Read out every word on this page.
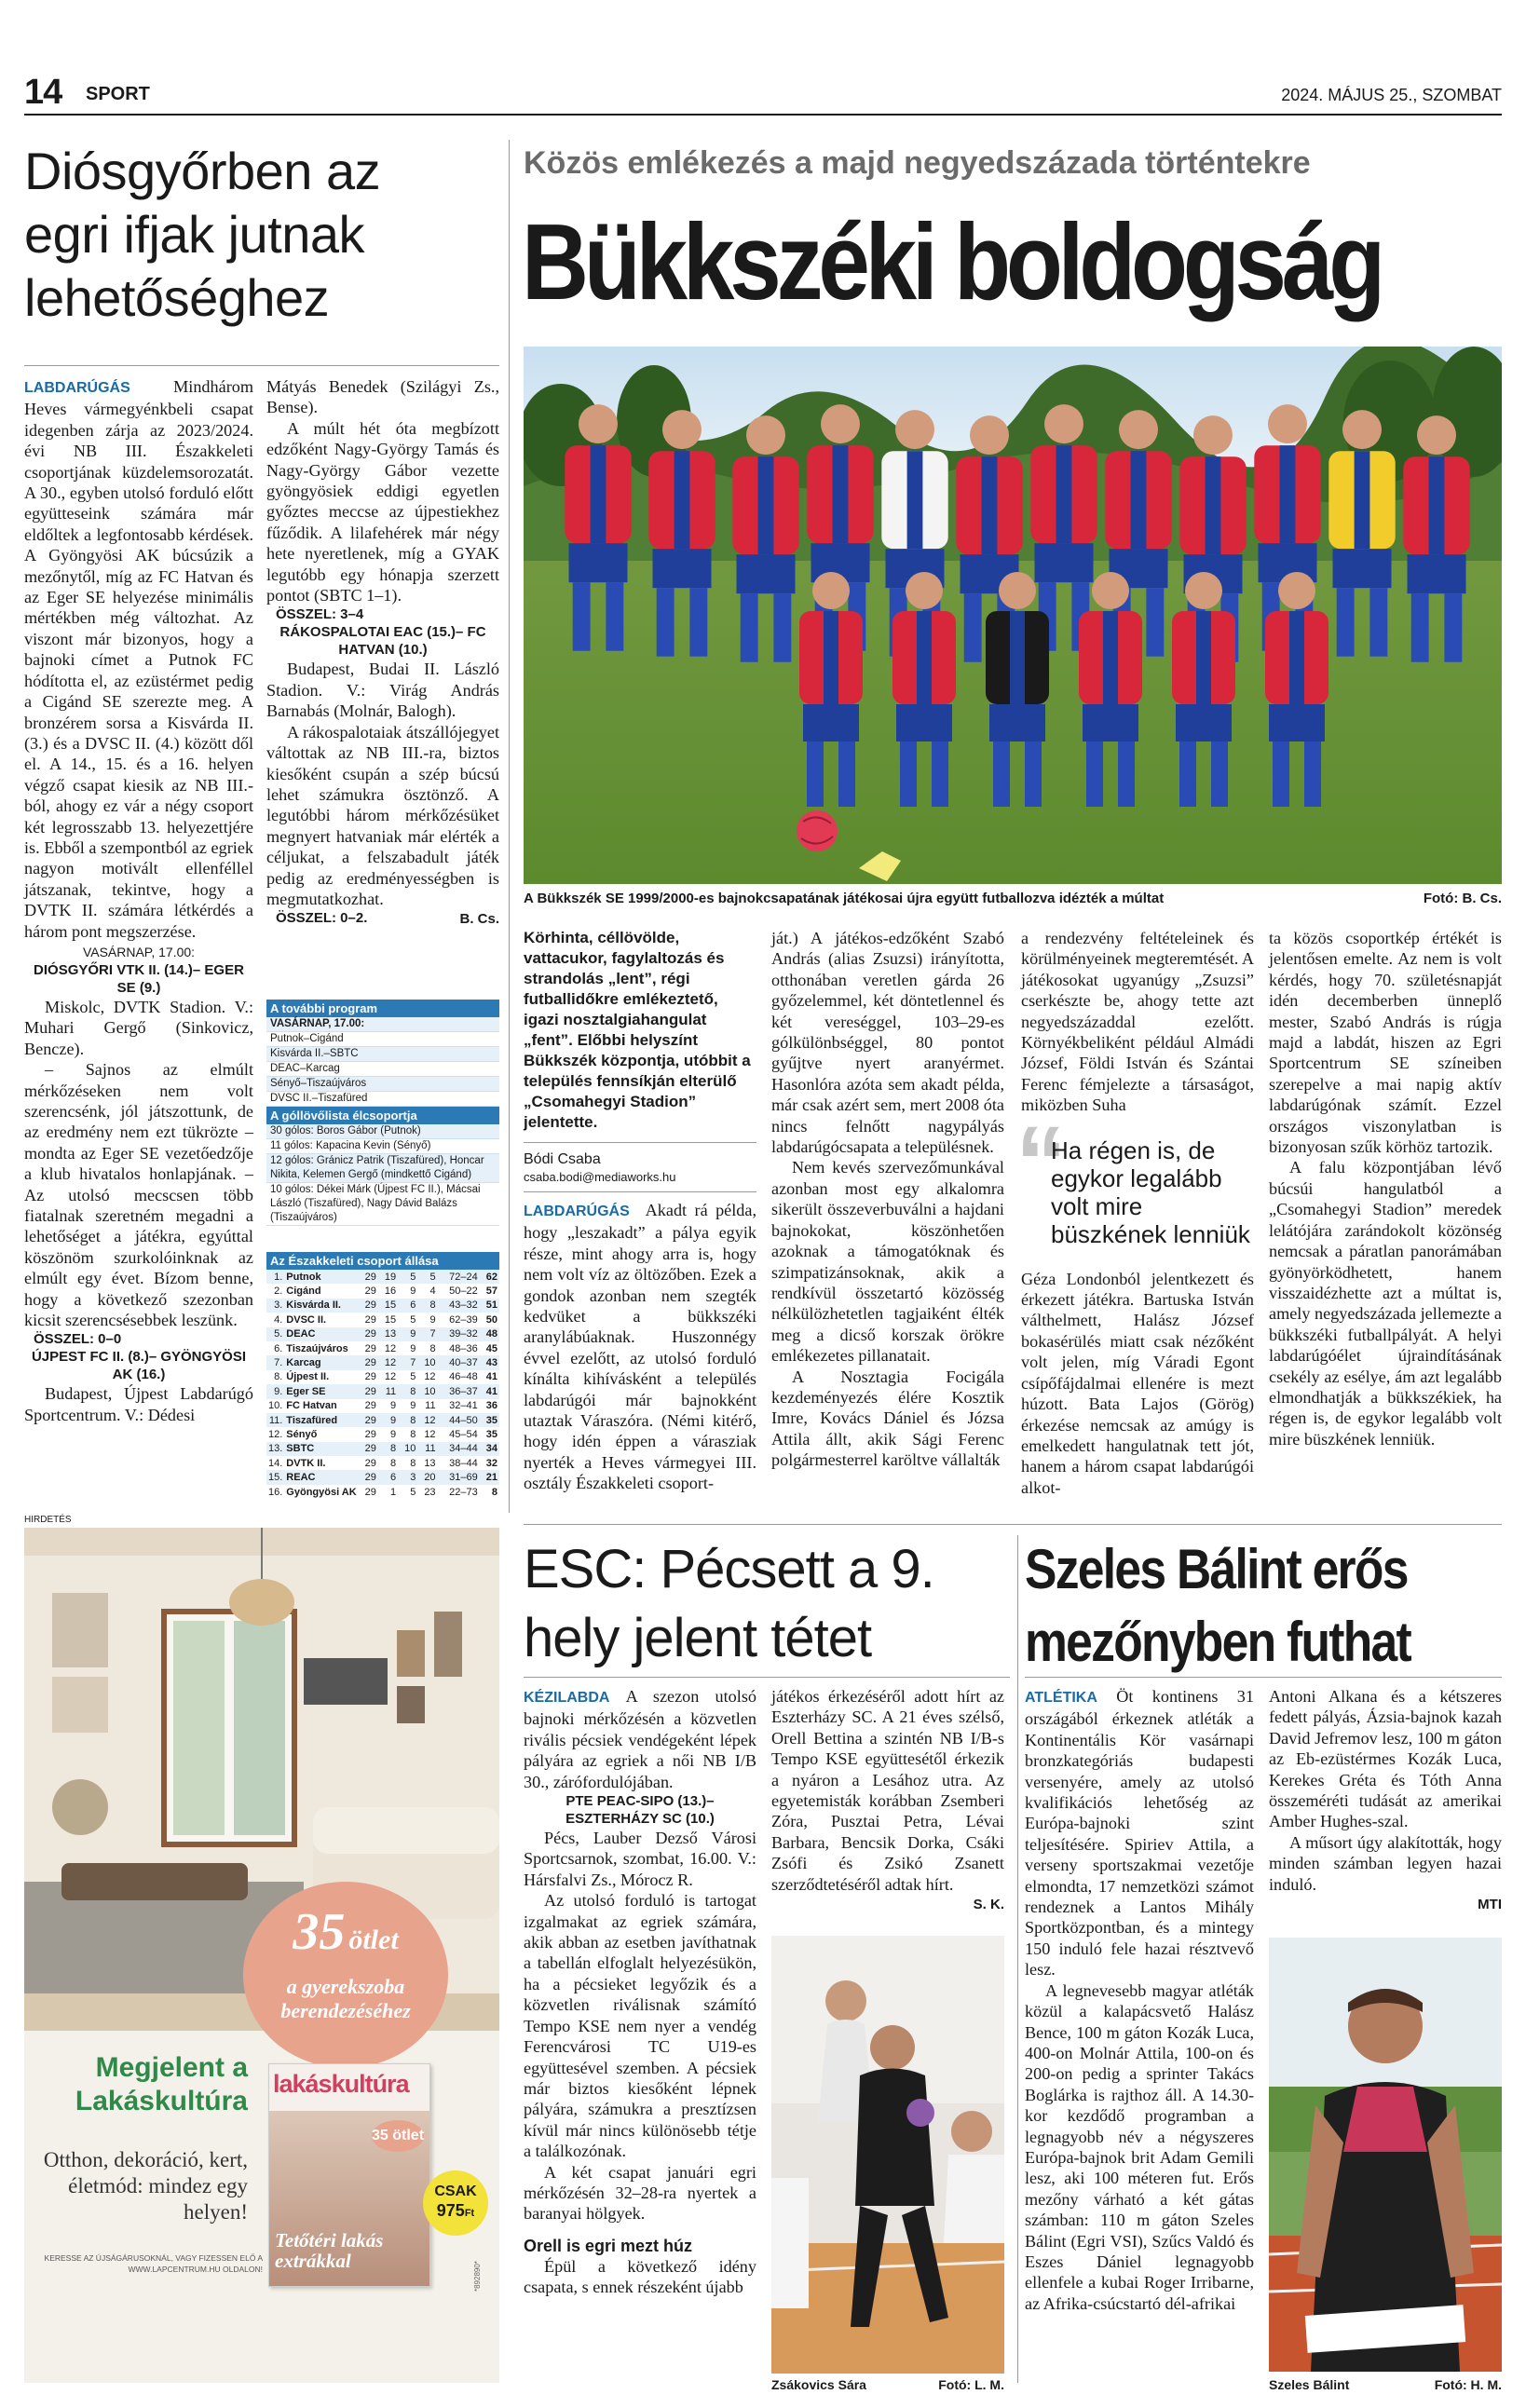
14 SPORT	2024. MÁJUS 25., SZOMBAT
Diósgyőrben az egri ifjak jutnak lehetőséghez

LABDARÚGÁS	Mindhárom Heves vármegyénkbeli csapat idegenben zárja az 2023/2024. évi NB III. Északkeleti csoportjának küzdelemsorozatát. A 30., egyben utolsó forduló előtt együtteseink számára már eldőltek a legfontosabb kérdések. A Gyöngyösi AK búcsúzik a mezőnytől, míg az FC Hatvan és az Eger SE helyezése minimális mértékben még változhat. Az viszont már bizonyos, hogy a bajnoki címet a Putnok FC hódította el, az ezüstérmet pedig a Cigánd SE szerezte meg. A bronzérem sorsa a Kisvárda II. (3.) és a DVSC II. (4.) között dől el. A 14., 15. és a 16. helyen végző csapat kiesik az NB III.-ból, ahogy ez vár a négy csoport két legrosszabb 13. helyezettjére is. Ebből a szempontból az egriek nagyon motivált ellenféllel játszanak, tekintve, hogy a DVTK II. számára létkérdés a három pont megszerzése.

VASÁRNAP, 17.00:
DIÓSGYŐRI VTK II. (14.)– EGER SE (9.)

Miskolc, DVTK Stadion. V.: Muhari Gergő (Sinkovicz, Bencze).

– Sajnos az elmúlt mérkőzéseken nem volt szerencsénk, jól játszottunk, de az eredmény nem ezt tükrözte – mondta az Eger SE vezetőedzője a klub hivatalos honlapjának. – Az utolsó mecscsen több fiatalnak szeretném megadni a lehetőséget a játékra, egyúttal köszönöm szurkolóinknak az elmúlt egy évet. Bízom benne, hogy a következő szezonban kicsit szerencsésebbek leszünk.

ÖSSZEL: 0–0
ÚJPEST FC II. (8.)– GYÖNGYÖSI AK (16.)

Budapest, Újpest Labdarúgó Sportcentrum. V.: Dédesi

Mátyás Benedek (Szilágyi Zs., Bense).

A múlt hét óta megbízott edzőként Nagy-György Tamás és Nagy-György Gábor vezette gyöngyösiek eddigi egyetlen győztes meccse az újpestiekhez fűződik. A lilafehérek már négy hete nyeretlenek, míg a GYAK legutóbb egy hónapja szerzett pontot (SBTC 1–1).

ÖSSZEL: 3–4
RÁKOSPALOTAI EAC (15.)– FC HATVAN (10.)

Budapest, Budai II. László Stadion. V.: Virág András Barnabás (Molnár, Balogh).

A rákospalotaiak átszállójegyet váltottak az NB III.-ra, biztos kiesőként csupán a szép búcsú lehet számukra ösztönző. A legutóbbi három mérkőzésüket megnyert hatvaniak már elérték a céljukat, a felszabadult játék pedig az eredményességben is megmutatkozhat.

ÖSSZEL: 0–2.	B. Cs.
A további program
VASÁRNAP, 17.00:
Putnok–Cigánd
Kisvárda II.–SBTC
DEAC–Karcag
Sényő–Tiszaújváros
DVSC II.–Tiszafüred
A góllövőlista élcsoportja
30 gólos: Boros Gábor (Putnok)
11 gólos: Kapacina Kevin (Sényő)
12 gólos: Gránicz Patrik (Tiszafüred), Honcar Nikita, Kelemen Gergő (mindkettő Cigánd)
10 gólos: Dékei Márk (Újpest FC II.), Mácsai László (Tiszafüred), Nagy Dávid Balázs (Tiszaújváros)
Az Északkeleti csoport állása
1.	Putnok	29	19	5	5	72–24	62
2.	Cigánd	29	16	9	4	50–22	57
3.	Kisvárda II.	29	15	6	8	43–32	51
4.	DVSC II.	29	15	5	9	62–39	50
5.	DEAC	29	13	9	7	39–32	48
6.	Tiszaújváros	29	12	9	8	48–36	45
7.	Karcag	29	12	7	10	40–37	43
8.	Újpest II.	29	12	5	12	46–48	41
9.	Eger SE	29	11	8	10	36–37	41
10.	FC Hatvan	29	9	9	11	32–41	36
11.	Tiszafüred	29	9	8	12	44–50	35
12.	Sényő	29	9	8	12	45–54	35
13.	SBTC	29	8	10	11	34–44	34
14.	DVTK II.	29	8	8	13	38–44	32
15.	REAC	29	6	3	20	31–69	21
16.	Gyöngyösi AK	29	1	5	23	22–73	8
Közös emlékezés a majd negyedszázada történtekre
Bükkszéki boldogság
A Bükkszék SE 1999/2000-es bajnokcsapatának játékosai újra együtt futballozva idézték a múltat	Fotó: B. Cs.

Körhinta, céllövölde, vattacukor, fagylaltozás és strandolás „lent”, régi futballidőkre emlékeztető, igazi nosztalgiahangulat „fent”. Előbbi helyszínt Bükkszék központja, utóbbit a település fennsíkján elterülő „Csomahegyi Stadion” jelentette.

Bódi Csaba
csaba.bodi@mediaworks.hu

LABDARÚGÁS Akadt rá példa, hogy „leszakadt” a pálya egyik része, mint ahogy arra is, hogy nem volt víz az öltözőben. Ezek a gondok azonban nem szegték kedvüket a bükkszéki aranylábúaknak. Huszonnégy évvel ezelőtt, az utolsó forduló kínálta kihívásként a település labdarúgói már bajnokként utaztak Váraszóra. (Némi kitérő, hogy idén éppen a várasziak nyerték a Heves vármegyei III. osztály Északkeleti csoport-

ját.) A játékos-edzőként Szabó András (alias Zsuzsi) irányította, otthonában veretlen gárda 26 győzelemmel, két döntetlennel és két vereséggel, 103–29-es gólkülönbséggel, 80 pontot gyűjtve nyert aranyérmet. Hasonlóra azóta sem akadt példa, már csak azért sem, mert 2008 óta nincs felnőtt nagypályás labdarúgócsapata a településnek.

Nem kevés szervezőmunkával azonban most egy alkalomra sikerült összeverbuválni a hajdani bajnokokat, köszönhetően azoknak a támogatóknak és szimpatizánsoknak, akik a rendkívül összetartó közösség nélkülözhetetlen tagjaiként élték meg a dicső korszak örökre emlékezetes pillanatait.

A Nosztagia Focigála kezdeményezés élére Kosztik Imre, Kovács Dániel és Józsa Attila állt, akik Sági Ferenc polgármesterrel karöltve vállalták

a rendezvény feltételeinek és körülményeinek megteremtését. A játékosokat ugyanúgy „Zsuzsi” cserkészte be, ahogy tette azt negyedszázaddal ezelőtt. Környékbeliként például Almádi József, Földi István és Szántai Ferenc fémjelezte a társaságot, miközben Suha

“
Ha régen is, de egykor legalább volt mire büszkének lenniük

Géza Londonból jelentkezett és érkezett játékra. Bartuska István válthelmett, Halász József bokasérülés miatt csak nézőként volt jelen, míg Váradi Egont csípőfájdalmai ellenére is mezt húzott. Bata Lajos (Görög) érkezése nemcsak az amúgy is emelkedett hangulatnak tett jót, hanem a három csapat labdarúgói alkot-

ta közös csoportkép értékét is jelentősen emelte. Az nem is volt kérdés, hogy 70. születésnapját idén decemberben ünneplő mester, Szabó András is rúgja majd a labdát, hiszen az Egri Sportcentrum SE színeiben szerepelve a mai napig aktív labdarúgónak számít. Ezzel országos viszonylatban is bizonyosan szűk körhöz tartozik.

A falu központjában lévő búcsúi hangulatból a „Csomahegyi Stadion” meredek lelátójára zarándokolt közönség nemcsak a páratlan panorámában gyönyörködhetett, hanem visszaidézhette azt a múltat is, amely negyedszázada jellemezte a bükkszéki futballpályát. A helyi labdarúgóélet újraindításának csekély az esélye, ám azt legalább elmondhatják a bükkszékiek, ha régen is, de egykor legalább volt mire büszkének lenniük.

HIRDETÉS
35 ötlet
a gyerekszoba berendezéséhez
Megjelent a Lakáskultúra
Otthon, dekoráció, kert, életmód: mindez egy helyen!
lakáskultúra
35 ötlet
Tetőtéri lakás extrákkal
CSAK
975Ft
KERESSE AZ ÚJSÁGÁRUSOKNÁL, VAGY FIZESSEN ELŐ A WWW.LAPCENTRUM.HU OLDALON!	*892890*
ESC: Pécsett a 9. hely jelent tétet

KÉZILABDA A szezon utolsó bajnoki mérkőzésén a közvetlen rivális pécsiek vendégeként lépek pályára az egriek a női NB I/B 30., zárófordulójában.

PTE PEAC-SIPO (13.)– ESZTERHÁZY SC (10.)

Pécs, Lauber Dezső Városi Sportcsarnok, szombat, 16.00. V.: Hársfalvi Zs., Mórocz R.

Az utolsó forduló is tartogat izgalmakat az egriek számára, akik abban az esetben javíthatnak a tabellán elfoglalt helyezésükön, ha a pécsieket legyőzik és a közvetlen riválisnak számító Tempo KSE nem nyer a vendég Ferencvárosi TC U19-es együttesével szemben. A pécsiek már biztos kiesőként lépnek pályára, számukra a presztízsen kívül már nincs különösebb tétje a találkozónak.

A két csapat januári egri mérkőzésén 32–28-ra nyertek a baranyai hölgyek.

Orell is egri mezt húz

Épül a következő idény csapata, s ennek részeként újabb

játékos érkezéséről adott hírt az Eszterházy SC. A 21 éves szélső, Orell Bettina a szintén NB I/B-s Tempo KSE együttesétől érkezik a nyáron a Lesához utra. Az egyetemisták korábban Zsemberi Zóra, Pusztai Petra, Lévai Barbara, Bencsik Dorka, Csáki Zsófi és Zsikó Zsanett szerződtetéséről adtak hírt.

S. K.
Zsákovics Sára	Fotó: L. M.
Szeles Bálint erős mezőnyben futhat

ATLÉTIKA Öt kontinens 31 országából érkeznek atléták a Kontinentális Kör vasárnapi bronzkategóriás budapesti versenyére, amely az utolsó kvalifikációs lehetőség az Európa-bajnoki szint teljesítésére. Spiriev Attila, a verseny sportszakmai vezetője elmondta, 17 nemzetközi számot rendeznek a Lantos Mihály Sportközpontban, és a mintegy 150 induló fele hazai résztvevő lesz.

A legnevesebb magyar atléták közül a kalapácsvető Halász Bence, 100 m gáton Kozák Luca, 400-on Molnár Attila, 100-on és 200-on pedig a sprinter Takács Boglárka is rajthoz áll. A 14.30-kor kezdődő programban a legnagyobb név a négyszeres Európa-bajnok brit Adam Gemili lesz, aki 100 méteren fut. Erős mezőny várható a két gátas számban: 110 m gáton Szeles Bálint (Egri VSI), Szűcs Valdó és Eszes Dániel legnagyobb ellenfele a kubai Roger Irribarne, az Afrika-csúcstartó dél-afrikai

Antoni Alkana és a kétszeres fedett pályás, Ázsia-bajnok kazah David Jefremov lesz, 100 m gáton az Eb-ezüstérmes Kozák Luca, Kerekes Gréta és Tóth Anna összeméréti tudását az amerikai Amber Hughes-szal.

A műsort úgy alakították, hogy minden számban legyen hazai induló.

MTI
Szeles Bálint	Fotó: H. M.
